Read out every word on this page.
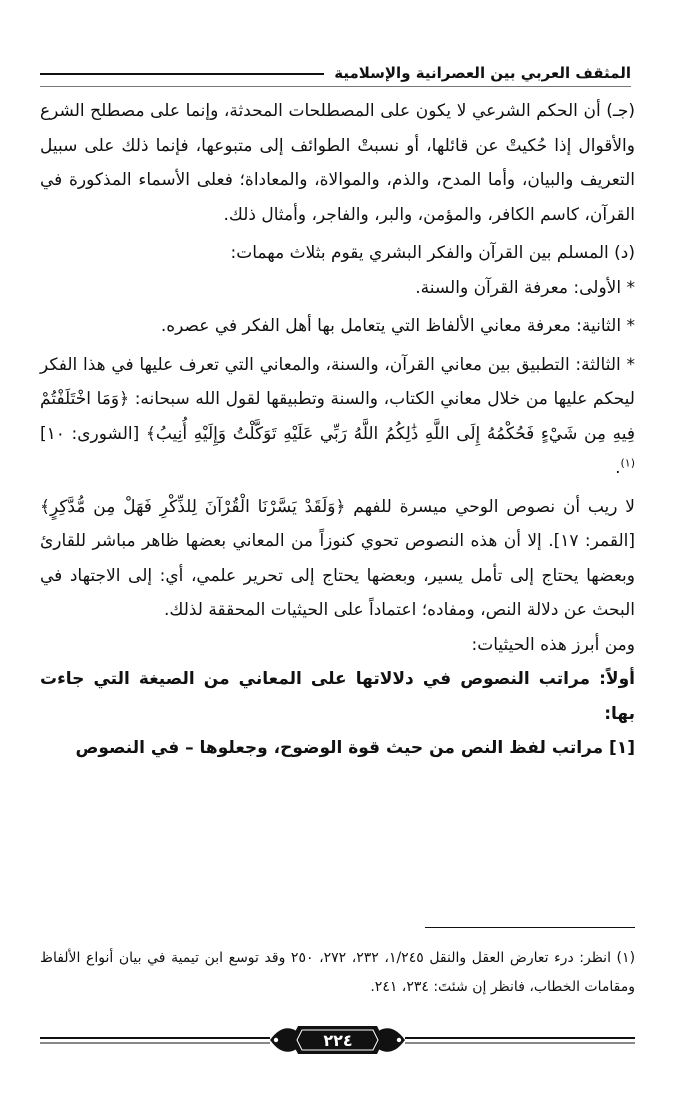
المثقف العربي بين العصرانية والإسلامية

(جـ) أن الحكم الشرعي لا يكون على المصطلحات المحدثة، وإنما على مصطلح الشرع والأقوال إذا حُكيتْ عن قائلها، أو نسبتْ الطوائف إلى متبوعها، فإنما ذلك على سبيل التعريف والبيان، وأما المدح، والذم، والموالاة، والمعاداة؛ فعلى الأسماء المذكورة في القرآن، كاسم الكافر، والمؤمن، والبر، والفاجر، وأمثال ذلك.

(د) المسلم بين القرآن والفكر البشري يقوم بثلاث مهمات:

* الأولى: معرفة القرآن والسنة.

* الثانية: معرفة معاني الألفاظ التي يتعامل بها أهل الفكر في عصره.

* الثالثة: التطبيق بين معاني القرآن، والسنة، والمعاني التي تعرف عليها في هذا الفكر ليحكم عليها من خلال معاني الكتاب، والسنة وتطبيقها لقول الله سبحانه: ﴿وَمَا اخْتَلَفْتُمْ فِيهِ مِن شَيْءٍ فَحُكْمُهُ إِلَى اللَّهِ ذَٰلِكُمُ اللَّهُ رَبِّي عَلَيْهِ تَوَكَّلْتُ وَإِلَيْهِ أُنِيبُ﴾ [الشورى: ١٠]$^{(١)}$.

لا ريب أن نصوص الوحي ميسرة للفهم ﴿وَلَقَدْ يَسَّرْنَا الْقُرْآنَ لِلذِّكْرِ فَهَلْ مِن مُّدَّكِرٍ﴾ [القمر: ١٧]. إلا أن هذه النصوص تحوي كنوزاً من المعاني بعضها ظاهر مباشر للقارئ وبعضها يحتاج إلى تأمل يسير، وبعضها يحتاج إلى تحرير علمي، أي: إلى الاجتهاد في البحث عن دلالة النص، ومفاده؛ اعتماداً على الحيثيات المحققة لذلك.

ومن أبرز هذه الحيثيات:

أولاً: مراتب النصوص في دلالاتها على المعاني من الصيغة التي جاءت بها:

[١] مراتب لفظ النص من حيث قوة الوضوح، وجعلوها – في النصوص

(١) انظر: درء تعارض العقل والنقل ١/٢٤٥، ٢٣٢، ٢٧٢، ٢٥٠ وقد توسع ابن تيمية في بيان أنواع الألفاظ ومقامات الخطاب، فانظر إن شئتَ: ٢٣٤، ٢٤١.

٢٢٤
